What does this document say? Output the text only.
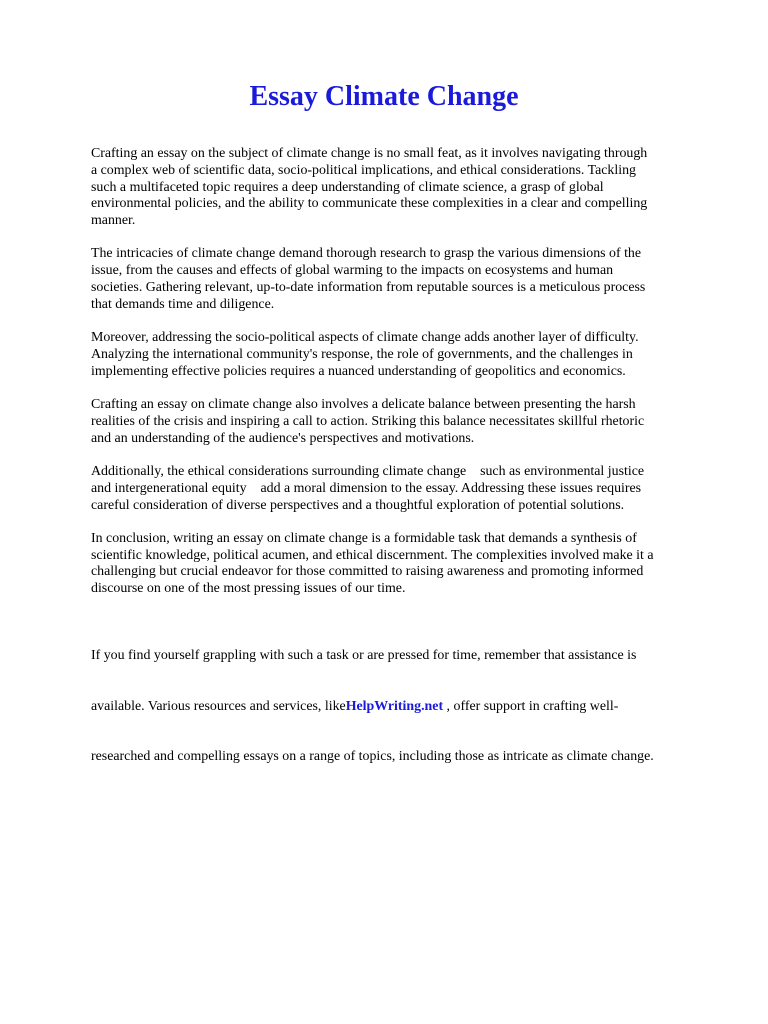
Essay Climate Change

Crafting an essay on the subject of climate change is no small feat, as it involves navigating through
a complex web of scientific data, socio-political implications, and ethical considerations. Tackling
such a multifaceted topic requires a deep understanding of climate science, a grasp of global
environmental policies, and the ability to communicate these complexities in a clear and compelling
manner.

The intricacies of climate change demand thorough research to grasp the various dimensions of the
issue, from the causes and effects of global warming to the impacts on ecosystems and human
societies. Gathering relevant, up-to-date information from reputable sources is a meticulous process
that demands time and diligence.

Moreover, addressing the socio-political aspects of climate change adds another layer of difficulty.
Analyzing the international community's response, the role of governments, and the challenges in
implementing effective policies requires a nuanced understanding of geopolitics and economics.

Crafting an essay on climate change also involves a delicate balance between presenting the harsh
realities of the crisis and inspiring a call to action. Striking this balance necessitates skillful rhetoric
and an understanding of the audience's perspectives and motivations.

Additionally, the ethical considerations surrounding climate change    such as environmental justice
and intergenerational equity    add a moral dimension to the essay. Addressing these issues requires
careful consideration of diverse perspectives and a thoughtful exploration of potential solutions.

In conclusion, writing an essay on climate change is a formidable task that demands a synthesis of
scientific knowledge, political acumen, and ethical discernment. The complexities involved make it a
challenging but crucial endeavor for those committed to raising awareness and promoting informed
discourse on one of the most pressing issues of our time.

If you find yourself grappling with such a task or are pressed for time, remember that assistance is

available. Various resources and services, likeHelpWriting.net , offer support in crafting well-

researched and compelling essays on a range of topics, including those as intricate as climate change.
